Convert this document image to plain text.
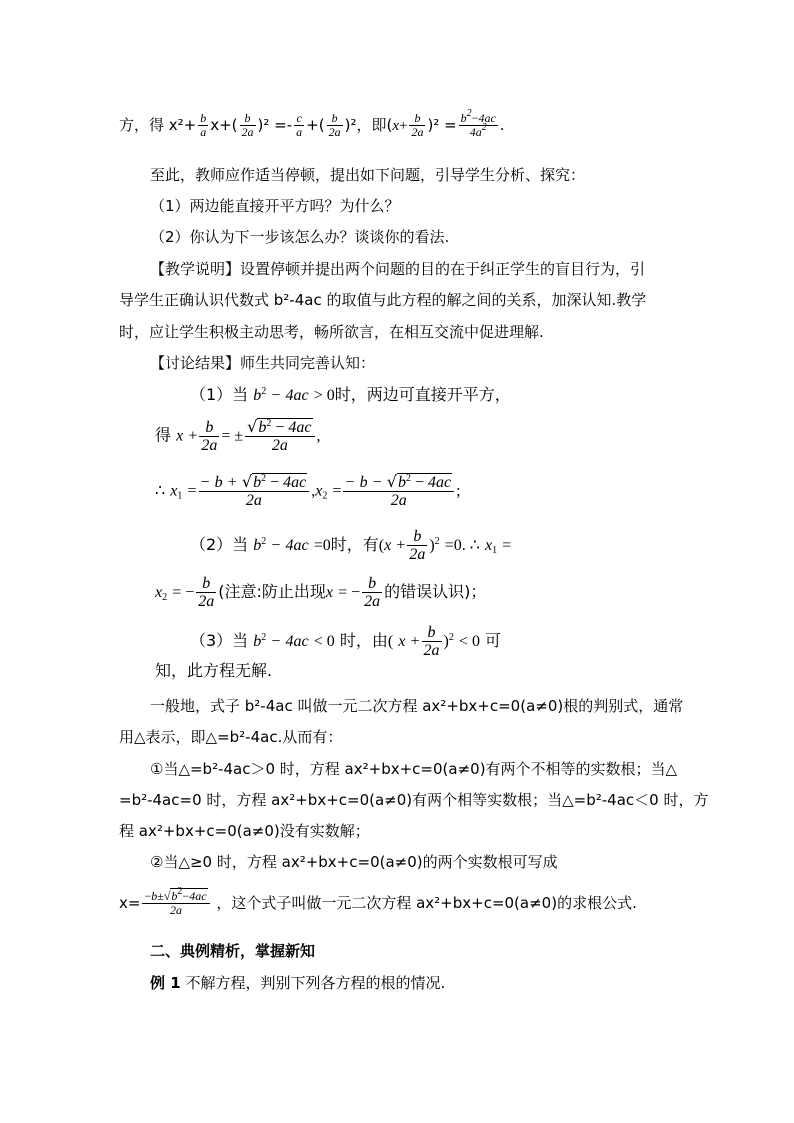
方，得 $x^2+ \frac{b}{a} x+( \frac{b}{2a} )^2 =- \frac{c}{a}$ +( $\frac{b}{2a} )^2$，即$(x+ \frac{b}{2a} )^2 = \frac{b^2-4ac}{4a^2}$ .
至此，教师应作适当停顿，提出如下问题，引导学生分析、探究：
（1）两边能直接开平方吗？为什么？
（2）你认为下一步该怎么办？谈谈你的看法.
【教学说明】设置停顿并提出两个问题的目的在于纠正学生的盲目行为，引
导学生正确认识代数式 b²-4ac 的取值与此方程的解之间的关系，加深认知.教学
时，应让学生积极主动思考，畅所欲言，在相互交流中促进理解.
【讨论结果】师生共同完善认知：
（1）当 $b^2 - 4ac > 0$时，两边可直接开平方，
得 $x + \frac{b}{2a}$ = ± $\frac{√b^2 - 4ac}{2a}$ ,
∴ $x_1 = \frac{- b + √b^2 - 4ac}{2a} ,x_2 = \frac{- b - √b^2 - 4ac}{2a}$ ;
（2）当 $b^2 - 4ac =0$时，有$(x + \frac{b}{2a} )^2 =0$. ∴ $x_1$ =
$x_2$ = − $\frac{b}{2a}$ (注意:防止出现x = − $\frac{b}{2a}$ 的错误认识)；
（3）当 $b^2 - 4ac < 0$ 时，由( $x + \frac{b}{2a} )^2 < 0$ 可
知，此方程无解.
一般地，式子 b²-4ac 叫做一元二次方程 ax²+bx+c=0(a≠0)根的判别式，通常
用△表示，即△=b²-4ac.从而有：
①当△=b²-4ac＞0 时，方程 ax²+bx+c=0(a≠0)有两个不相等的实数根；当△
=b²-4ac=0 时，方程 ax²+bx+c=0(a≠0)有两个相等实数根；当△=b²-4ac＜0 时，方
程 ax²+bx+c=0(a≠0)没有实数解；
②当△≥0 时，方程 ax²+bx+c=0(a≠0)的两个实数根可写成
$x= \frac{-b\pm√b^2-4ac}{2a}$ ，这个式子叫做一元二次方程 ax²+bx+c=0(a≠0)的求根公式.
二、典例精析，掌握新知
例 1 不解方程，判别下列各方程的根的情况.
